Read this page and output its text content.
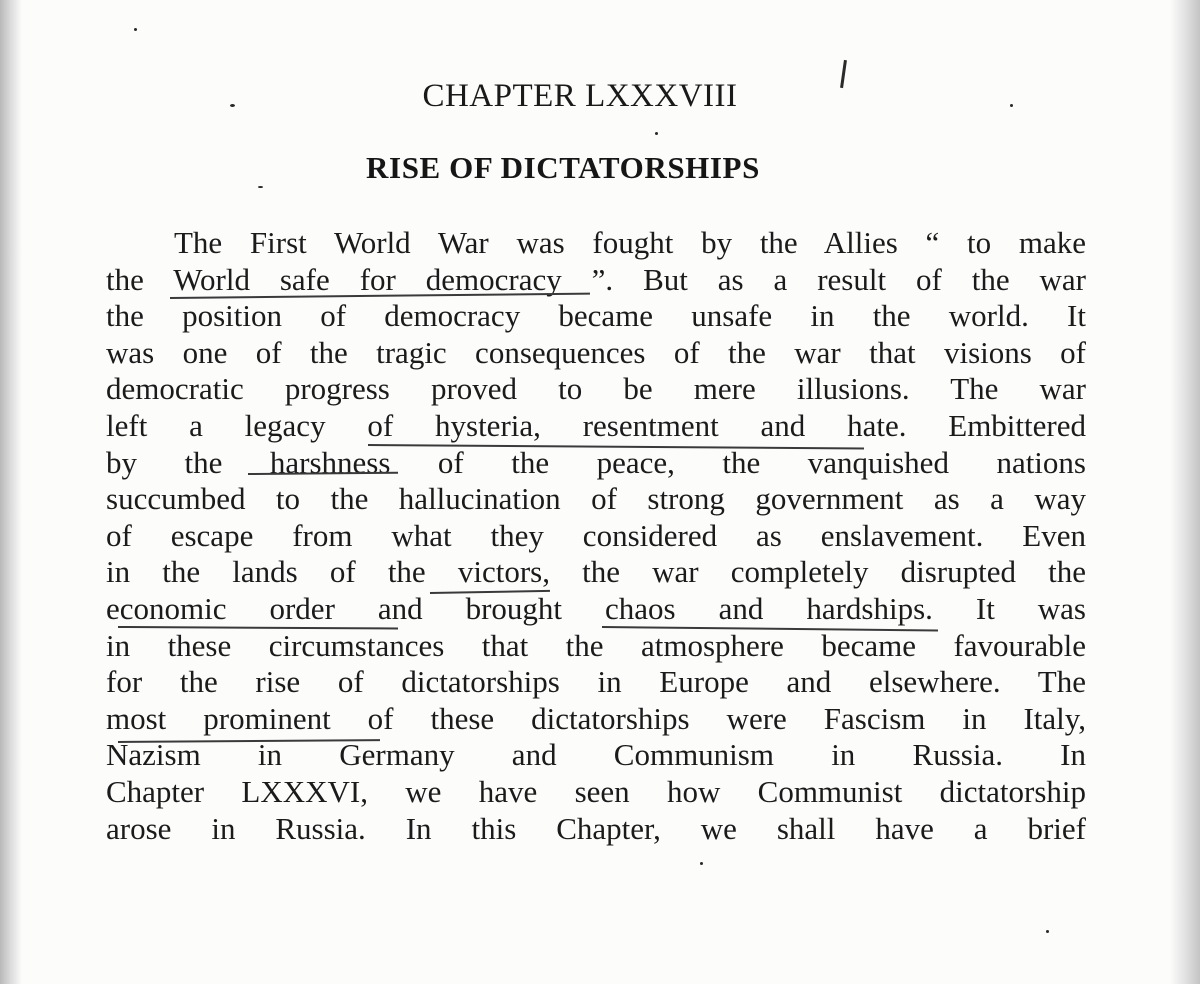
CHAPTER LXXXVIII
RISE OF DICTATORSHIPS
The First World War was fought by the Allies “ to make
the World safe for democracy ”. But as a result of the war
the position of democracy became unsafe in the world. It
was one of the tragic consequences of the war that visions of
democratic progress proved to be mere illusions. The war
left a legacy of hysteria, resentment and hate. Embittered
by the harshness of the peace, the vanquished nations
succumbed to the hallucination of strong government as a way
of escape from what they considered as enslavement. Even
in the lands of the victors, the war completely disrupted the
economic order and brought chaos and hardships. It was
in these circumstances that the atmosphere became favourable
for the rise of dictatorships in Europe and elsewhere. The
most prominent of these dictatorships were Fascism in Italy,
Nazism in Germany and Communism in Russia. In
Chapter LXXXVI, we have seen how Communist dictatorship
arose in Russia. In this Chapter, we shall have a brief
